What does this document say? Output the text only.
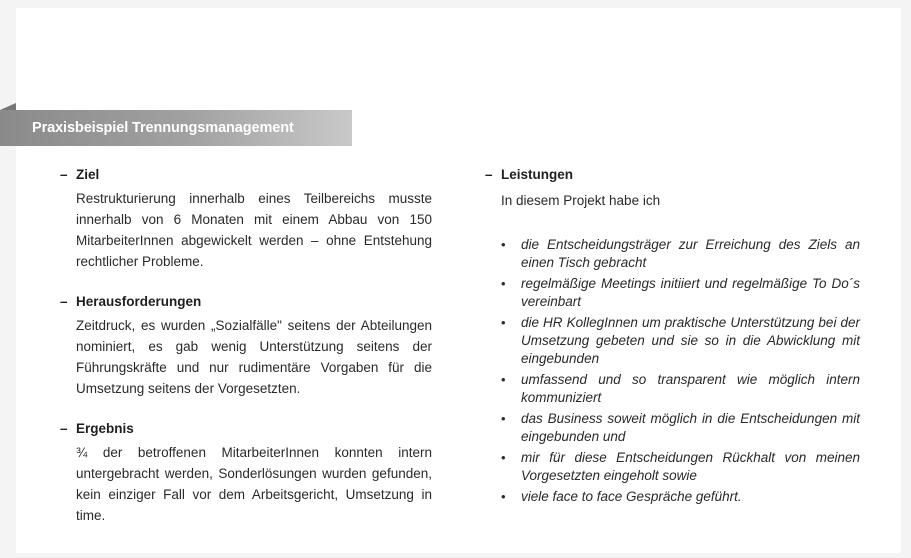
Praxisbeispiel Trennungsmanagement
– Ziel
Restrukturierung innerhalb eines Teilbereichs musste innerhalb von 6 Monaten mit einem Abbau von 150 MitarbeiterInnen abgewickelt werden – ohne Entstehung rechtlicher Probleme.
– Herausforderungen
Zeitdruck, es wurden „Sozialfälle" seitens der Abteilungen nominiert, es gab wenig Unterstützung seitens der Führungskräfte und nur rudimentäre Vorgaben für die Umsetzung seitens der Vorgesetzten.
– Ergebnis
¾ der betroffenen MitarbeiterInnen konnten intern untergebracht werden, Sonderlösungen wurden gefunden, kein einziger Fall vor dem Arbeitsgericht, Umsetzung in time.
– Leistungen
In diesem Projekt habe ich
•	die Entscheidungsträger zur Erreichung des Ziels an einen Tisch gebracht
•	regelmäßige Meetings initiiert und regelmäßige To Do´s vereinbart
•	die HR KollegInnen um praktische Unterstützung bei der Umsetzung gebeten und sie so in die Abwicklung mit eingebunden
•	umfassend und so transparent wie möglich intern kommuniziert
•	das Business soweit möglich in die Entscheidungen mit eingebunden und
•	mir für diese Entscheidungen Rückhalt von meinen Vorgesetzten eingeholt sowie
•	viele face to face Gespräche geführt.
